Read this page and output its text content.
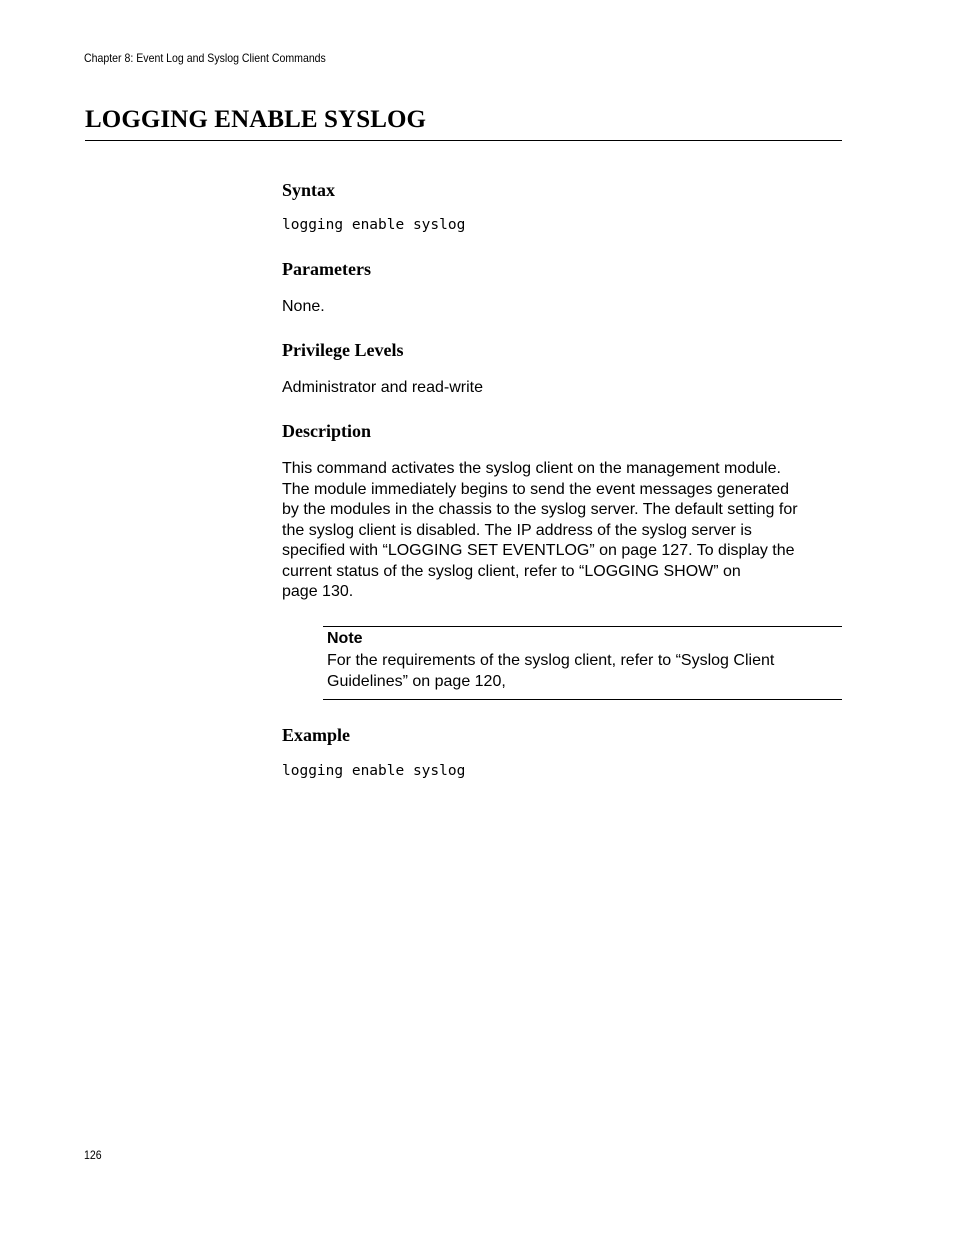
Chapter 8: Event Log and Syslog Client Commands
LOGGING ENABLE SYSLOG
Syntax
logging enable syslog
Parameters
None.
Privilege Levels
Administrator and read-write
Description
This command activates the syslog client on the management module.
The module immediately begins to send the event messages generated
by the modules in the chassis to the syslog server. The default setting for
the syslog client is disabled. The IP address of the syslog server is
specified with “LOGGING SET EVENTLOG” on page 127. To display the
current status of the syslog client, refer to “LOGGING SHOW” on
page 130.
Note
For the requirements of the syslog client, refer to “Syslog Client
Guidelines” on page 120,
Example
logging enable syslog
126
